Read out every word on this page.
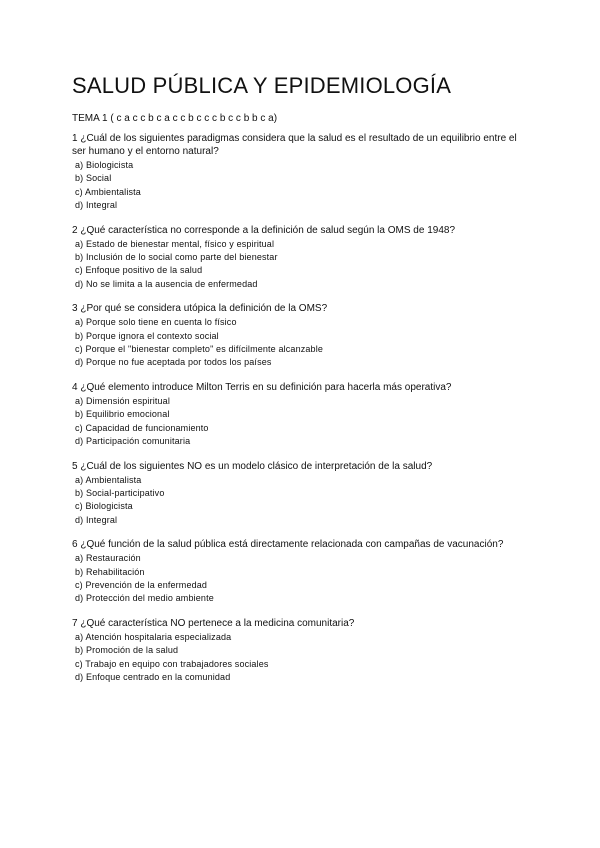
SALUD PÚBLICA Y EPIDEMIOLOGÍA

TEMA 1 ( c a c c b c a c c b c c c b c c b b c a)

1 ¿Cuál de los siguientes paradigmas considera que la salud es el resultado de un equilibrio entre el ser humano y el entorno natural?

a) Biologicista
b) Social
c) Ambientalista
d) Integral

2 ¿Qué característica no corresponde a la definición de salud según la OMS de 1948?

a) Estado de bienestar mental, físico y espiritual
b) Inclusión de lo social como parte del bienestar
c) Enfoque positivo de la salud
d) No se limita a la ausencia de enfermedad

3 ¿Por qué se considera utópica la definición de la OMS?

a) Porque solo tiene en cuenta lo físico
b) Porque ignora el contexto social
c) Porque el "bienestar completo" es difícilmente alcanzable
d) Porque no fue aceptada por todos los países

4 ¿Qué elemento introduce Milton Terris en su definición para hacerla más operativa?

a) Dimensión espiritual
b) Equilibrio emocional
c) Capacidad de funcionamiento
d) Participación comunitaria

5 ¿Cuál de los siguientes NO es un modelo clásico de interpretación de la salud?

a) Ambientalista
b) Social-participativo
c) Biologicista
d) Integral

6 ¿Qué función de la salud pública está directamente relacionada con campañas de vacunación?

a) Restauración
b) Rehabilitación
c) Prevención de la enfermedad
d) Protección del medio ambiente

7 ¿Qué característica NO pertenece a la medicina comunitaria?

a) Atención hospitalaria especializada
b) Promoción de la salud
c) Trabajo en equipo con trabajadores sociales
d) Enfoque centrado en la comunidad
